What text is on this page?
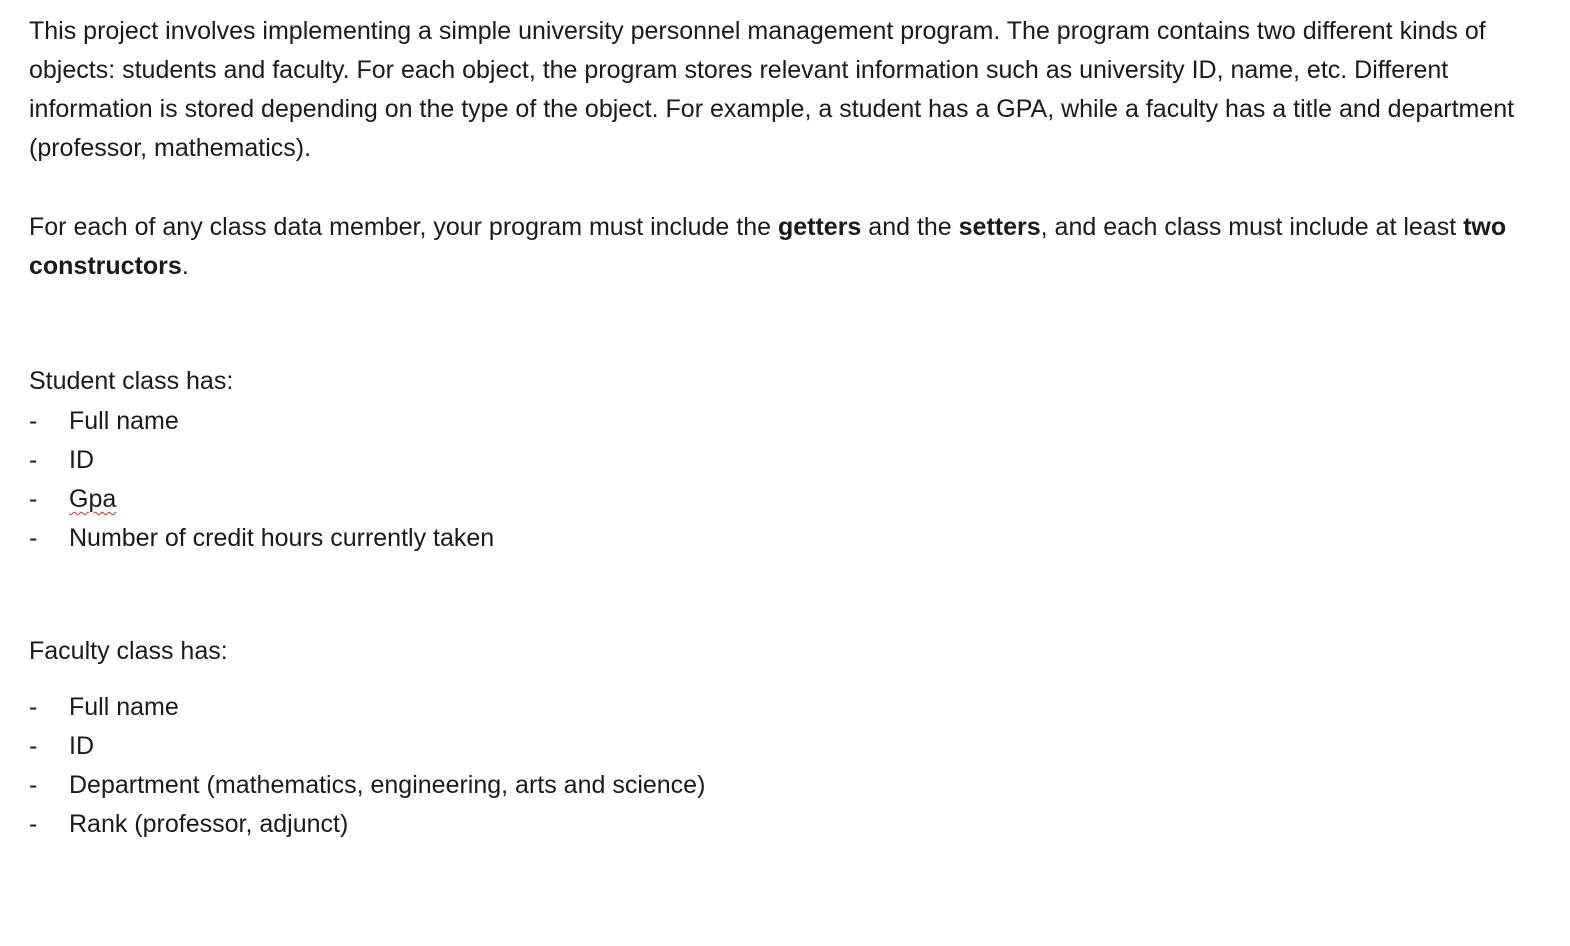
This project involves implementing a simple university personnel management program. The program contains two different kinds of objects: students and faculty. For each object, the program stores relevant information such as university ID, name, etc. Different information is stored depending on the type of the object. For example, a student has a GPA, while a faculty has a title and department (professor, mathematics).

For each of any class data member, your program must include the getters and the setters, and each class must include at least two constructors.

Student class has:

- Full name
- ID
- Gpa
- Number of credit hours currently taken

Faculty class has:

- Full name
- ID
- Department (mathematics, engineering, arts and science)
- Rank (professor, adjunct)
